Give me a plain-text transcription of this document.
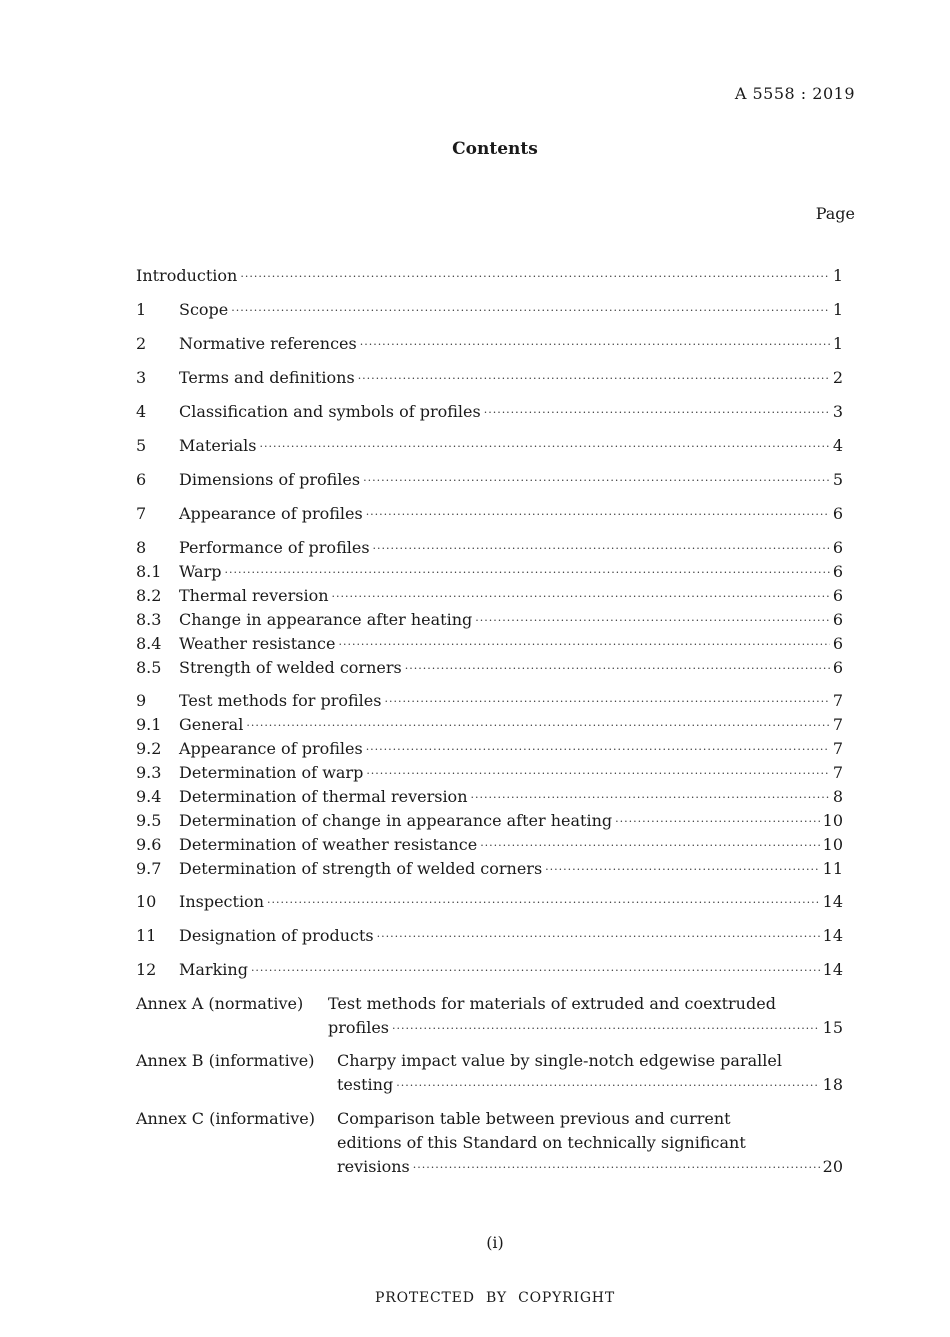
A 5558 : 2019
Contents
Page
Introduction .....	1
1	Scope .....	1
2	Normative references .....	1
3	Terms and definitions .....	2
4	Classification and symbols of profiles .....	3
5	Materials .....	4
6	Dimensions of profiles .....	5
7	Appearance of profiles .....	6
8	Performance of profiles .....	6
8.1	Warp .....	6
8.2	Thermal reversion .....	6
8.3	Change in appearance after heating .....	6
8.4	Weather resistance .....	6
8.5	Strength of welded corners .....	6
9	Test methods for profiles .....	7
9.1	General .....	7
9.2	Appearance of profiles .....	7
9.3	Determination of warp .....	7
9.4	Determination of thermal reversion .....	8
9.5	Determination of change in appearance after heating .....	10
9.6	Determination of weather resistance .....	10
9.7	Determination of strength of welded corners .....	11
10	Inspection .....	14
11	Designation of products .....	14
12	Marking .....	14
Annex A (normative) Test methods for materials of extruded and coextruded
profiles .....	15
Annex B (informative) Charpy impact value by single-notch edgewise parallel
testing .....	18
Annex C (informative) Comparison table between previous and current
editions of this Standard on technically significant
revisions .....	20
(i)
PROTECTED BY COPYRIGHT
